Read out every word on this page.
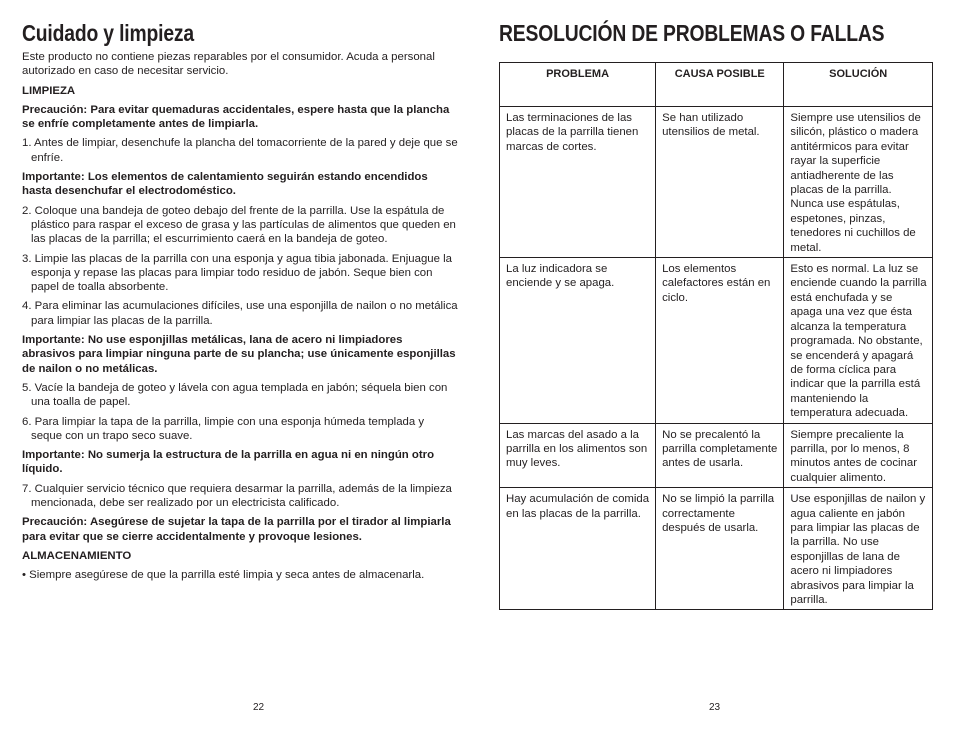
Cuidado y limpieza

Este producto no contiene piezas reparables por el consumidor. Acuda a personal autorizado en caso de necesitar servicio.

LIMPIEZA

Precaución: Para evitar quemaduras accidentales, espere hasta que la plancha se enfríe completamente antes de limpiarla.

1. Antes de limpiar, desenchufe la plancha del tomacorriente de la pared y deje que se enfríe.

Importante: Los elementos de calentamiento seguirán estando encendidos hasta desenchufar el electrodoméstico.

2. Coloque una bandeja de goteo debajo del frente de la parrilla. Use la espátula de plástico para raspar el exceso de grasa y las partículas de alimentos que queden en las placas de la parrilla; el escurrimiento caerá en la bandeja de goteo.

3. Limpie las placas de la parrilla con una esponja y agua tibia jabonada. Enjuague la esponja y repase las placas para limpiar todo residuo de jabón. Seque bien con papel de toalla absorbente.

4. Para eliminar las acumulaciones difíciles, use una esponjilla de nailon o no metálica para limpiar las placas de la parrilla.

Importante: No use esponjillas metálicas, lana de acero ni limpiadores abrasivos para limpiar ninguna parte de su plancha; use únicamente esponjillas de nailon o no metálicas.

5. Vacíe la bandeja de goteo y lávela con agua templada en jabón; séquela bien con una toalla de papel.

6. Para limpiar la tapa de la parrilla, limpie con una esponja húmeda templada y seque con un trapo seco suave.

Importante: No sumerja la estructura de la parrilla en agua ni en ningún otro líquido.

7. Cualquier servicio técnico que requiera desarmar la parrilla, además de la limpieza mencionada, debe ser realizado por un electricista calificado.

Precaución: Asegúrese de sujetar la tapa de la parrilla por el tirador al limpiarla para evitar que se cierre accidentalmente y provoque lesiones.

ALMACENAMIENTO

• Siempre asegúrese de que la parrilla esté limpia y seca antes de almacenarla.

22
RESOLUCIÓN DE PROBLEMAS O FALLAS
PROBLEMA	CAUSA POSIBLE	SOLUCIÓN
Las terminaciones de las placas de la parrilla tienen marcas de cortes.	Se han utilizado utensilios de metal.	Siempre use utensilios de silicón, plástico o madera antitérmicos para evitar rayar la superficie antiadherente de las placas de la parrilla. Nunca use espátulas, espetones, pinzas, tenedores ni cuchillos de metal.
La luz indicadora se enciende y se apaga.	Los elementos calefactores están en ciclo.	Esto es normal. La luz se enciende cuando la parrilla está enchufada y se apaga una vez que ésta alcanza la temperatura programada. No obstante, se encenderá y apagará de forma cíclica para indicar que la parrilla está manteniendo la temperatura adecuada.
Las marcas del asado a la parrilla en los alimentos son muy leves.	No se precalentó la parrilla completamente antes de usarla.	Siempre precaliente la parrilla, por lo menos, 8 minutos antes de cocinar cualquier alimento.
Hay acumulación de comida en las placas de la parrilla.	No se limpió la parrilla correctamente después de usarla.	Use esponjillas de nailon y agua caliente en jabón para limpiar las placas de la parrilla. No use esponjillas de lana de acero ni limpiadores abrasivos para limpiar la parrilla.
23
